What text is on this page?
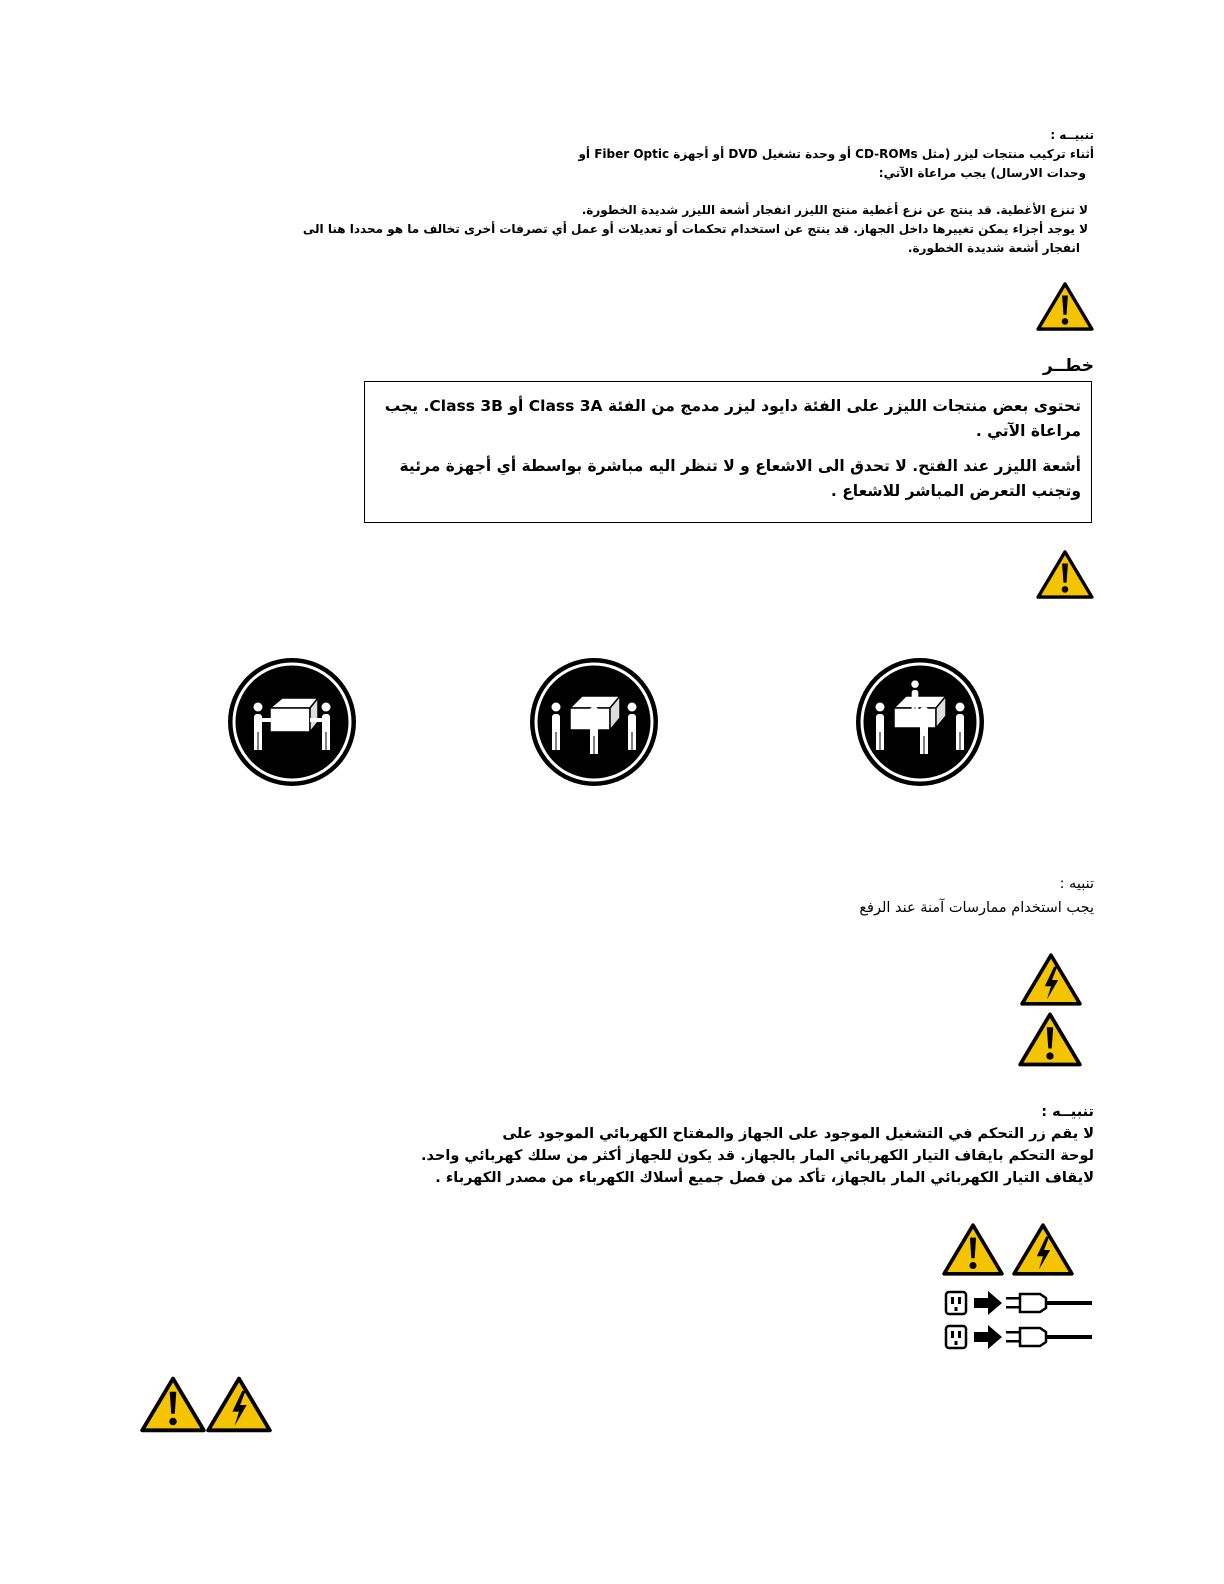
تنبيــه :
أثناء تركيب منتجات ليزر (مثل CD-ROMs أو وحدة تشغيل DVD أو أجهزة Fiber Optic أو
وحدات الارسال) يجب مراعاة الآتي:
لا تنزع الأغطية. قد ينتج عن نزع أغطية منتج الليزر انفجار أشعة الليزر شديدة الخطورة.
لا يوجد أجزاء يمكن تغييرها داخل الجهاز. قد ينتج عن استخدام تحكمات أو تعديلات أو عمل أي تصرفات أخرى تخالف ما هو محددا هنا الى
انفجار أشعة شديدة الخطورة.
خطــر
تحتوى بعض منتجات الليزر على الفئة دايود ليزر مدمج من الفئة Class 3A أو Class 3B. يجب
مراعاة الآتي .
أشعة الليزر عند الفتح. لا تحدق الى الاشعاع و لا تنظر اليه مباشرة بواسطة أي أجهزة مرئية
وتجنب التعرض المباشر للاشعاع .
تنبيه :
يجب استخدام ممارسات آمنة عند الرفع
تنبيــه :
لا يقم زر التحكم في التشغيل الموجود على الجهاز والمفتاح الكهربائي الموجود على
لوحة التحكم بايقاف التيار الكهربائي المار بالجهاز. قد يكون للجهاز أكثر من سلك كهربائي واحد.
لايقاف التيار الكهربائي المار بالجهاز، تأكد من فصل جميع أسلاك الكهرباء من مصدر الكهرباء .
